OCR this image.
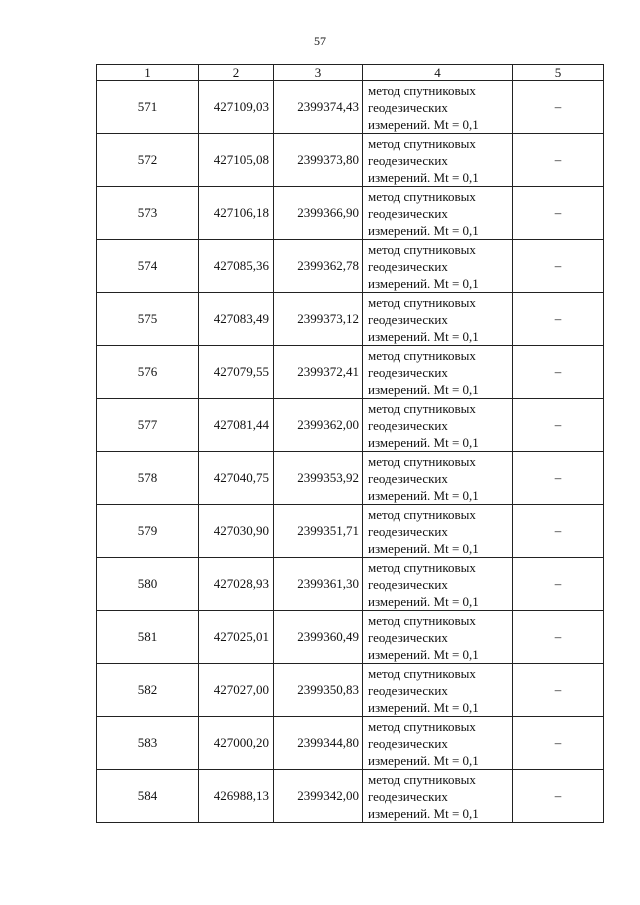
57
1	2	3	4	5
571	427109,03	2399374,43	метод спутниковых
геодезических
измерений. Mt = 0,1	–
572	427105,08	2399373,80	метод спутниковых
геодезических
измерений. Mt = 0,1	–
573	427106,18	2399366,90	метод спутниковых
геодезических
измерений. Mt = 0,1	–
574	427085,36	2399362,78	метод спутниковых
геодезических
измерений. Mt = 0,1	–
575	427083,49	2399373,12	метод спутниковых
геодезических
измерений. Mt = 0,1	–
576	427079,55	2399372,41	метод спутниковых
геодезических
измерений. Mt = 0,1	–
577	427081,44	2399362,00	метод спутниковых
геодезических
измерений. Mt = 0,1	–
578	427040,75	2399353,92	метод спутниковых
геодезических
измерений. Mt = 0,1	–
579	427030,90	2399351,71	метод спутниковых
геодезических
измерений. Mt = 0,1	–
580	427028,93	2399361,30	метод спутниковых
геодезических
измерений. Mt = 0,1	–
581	427025,01	2399360,49	метод спутниковых
геодезических
измерений. Mt = 0,1	–
582	427027,00	2399350,83	метод спутниковых
геодезических
измерений. Mt = 0,1	–
583	427000,20	2399344,80	метод спутниковых
геодезических
измерений. Mt = 0,1	–
584	426988,13	2399342,00	метод спутниковых
геодезических
измерений. Mt = 0,1	–
